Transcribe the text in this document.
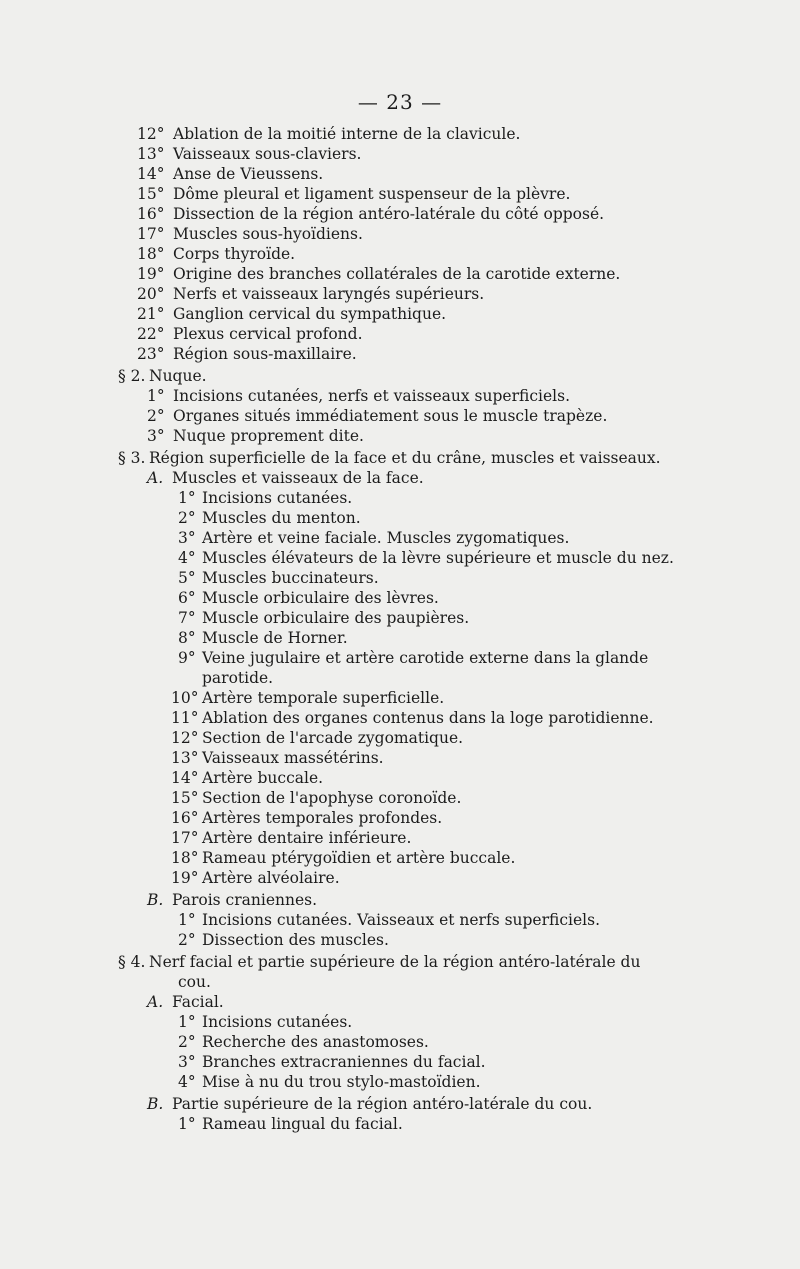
— 23 —
12° Ablation de la moitié interne de la clavicule.
13° Vaisseaux sous-claviers.
14° Anse de Vieussens.
15° Dôme pleural et ligament suspenseur de la plèvre.
16° Dissection de la région antéro-latérale du côté opposé.
17° Muscles sous-hyoïdiens.
18° Corps thyroïde.
19° Origine des branches collatérales de la carotide externe.
20° Nerfs et vaisseaux laryngés supérieurs.
21° Ganglion cervical du sympathique.
22° Plexus cervical profond.
23° Région sous-maxillaire.
§ 2. Nuque.
1° Incisions cutanées, nerfs et vaisseaux superficiels.
2° Organes situés immédiatement sous le muscle trapèze.
3° Nuque proprement dite.
§ 3. Région superficielle de la face et du crâne, muscles et vaisseaux.
A. Muscles et vaisseaux de la face.
1° Incisions cutanées.
2° Muscles du menton.
3° Artère et veine faciale. Muscles zygomatiques.
4° Muscles élévateurs de la lèvre supérieure et muscle du nez.
5° Muscles buccinateurs.
6° Muscle orbiculaire des lèvres.
7° Muscle orbiculaire des paupières.
8° Muscle de Horner.
9° Veine jugulaire et artère carotide externe dans la glande
parotide.
10° Artère temporale superficielle.
11° Ablation des organes contenus dans la loge parotidienne.
12° Section de l'arcade zygomatique.
13° Vaisseaux massétérins.
14° Artère buccale.
15° Section de l'apophyse coronoïde.
16° Artères temporales profondes.
17° Artère dentaire inférieure.
18° Rameau ptérygoïdien et artère buccale.
19° Artère alvéolaire.
B. Parois craniennes.
1° Incisions cutanées. Vaisseaux et nerfs superficiels.
2° Dissection des muscles.
§ 4. Nerf facial et partie supérieure de la région antéro-latérale du
cou.
A. Facial.
1° Incisions cutanées.
2° Recherche des anastomoses.
3° Branches extracraniennes du facial.
4° Mise à nu du trou stylo-mastoïdien.
B. Partie supérieure de la région antéro-latérale du cou.
1° Rameau lingual du facial.
